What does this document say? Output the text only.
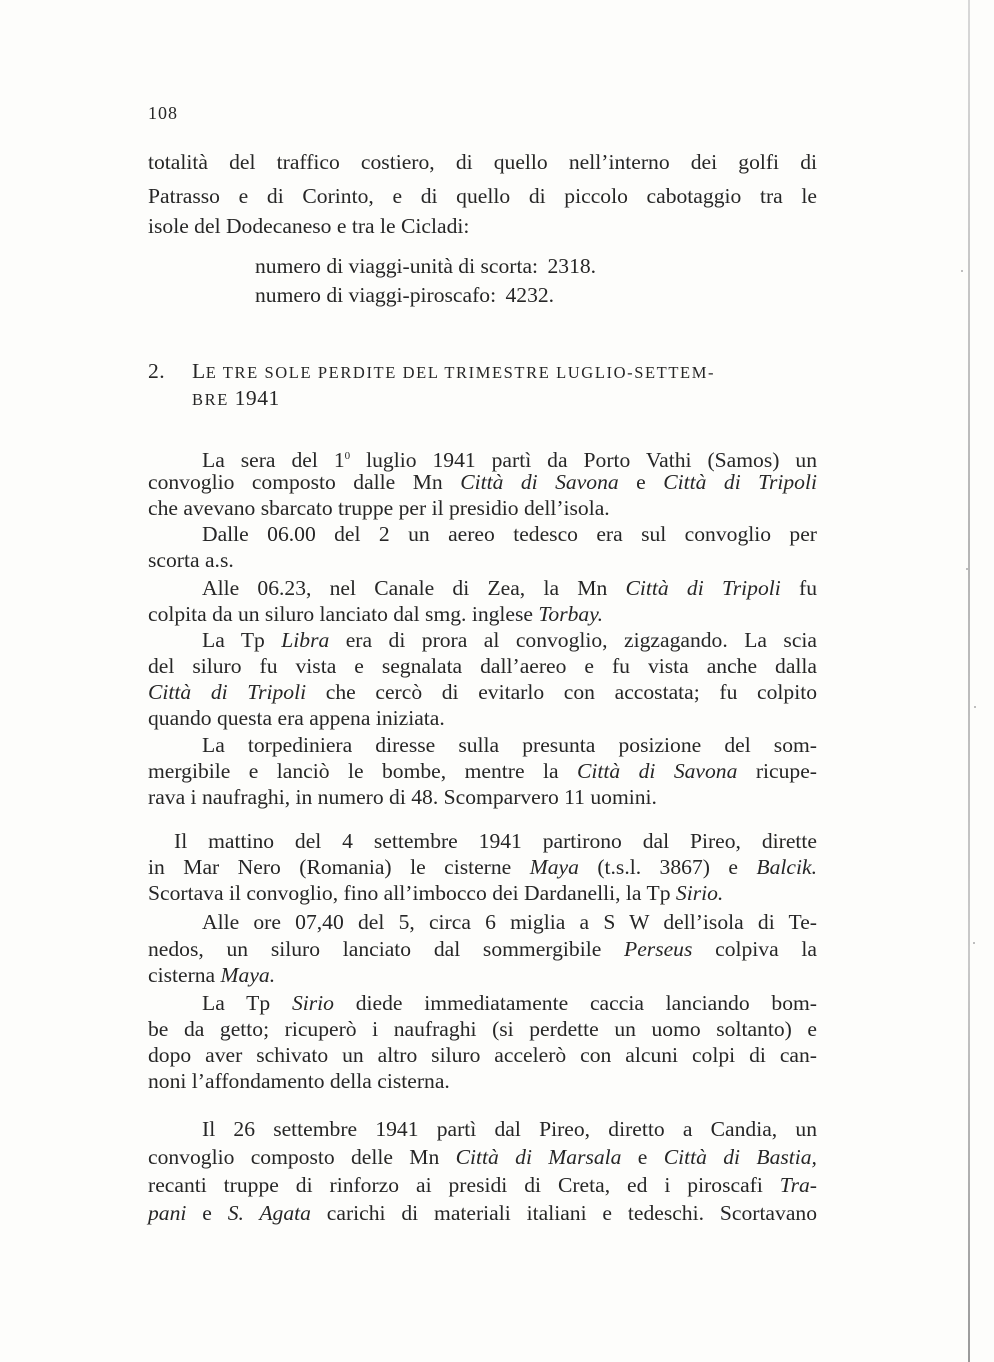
108
totalità del traffico costiero, di quello nell’interno dei golfi di
Patrasso e di Corinto, e di quello di piccolo cabotaggio tra le
isole del Dodecaneso e tra le Cicladi:
numero di viaggi-unità di scorta: 2318.
numero di viaggi-piroscafo: 4232.
2. LE TRE SOLE PERDITE DEL TRIMESTRE LUGLIO-SETTEM-
BRE 1941
La sera del $1^0$ luglio 1941 partì da Porto Vathi (Samos) un
convoglio composto dalle Mn Città di Savona e Città di Tripoli
che avevano sbarcato truppe per il presidio dell’isola.
Dalle 06.00 del 2 un aereo tedesco era sul convoglio per
scorta a.s.
Alle 06.23, nel Canale di Zea, la Mn Città di Tripoli fu
colpita da un siluro lanciato dal smg. inglese Torbay.
La Tp Libra era di prora al convoglio, zigzagando. La scia
del siluro fu vista e segnalata dall’aereo e fu vista anche dalla
Città di Tripoli che cercò di evitarlo con accostata; fu colpito
quando questa era appena iniziata.
La torpediniera diresse sulla presunta posizione del som-
mergibile e lanciò le bombe, mentre la Città di Savona ricupe-
rava i naufraghi, in numero di 48. Scomparvero 11 uomini.
Il mattino del 4 settembre 1941 partirono dal Pireo, dirette
in Mar Nero (Romania) le cisterne Maya (t.s.l. 3867) e Balcik.
Scortava il convoglio, fino all’imbocco dei Dardanelli, la Tp Sirio.
Alle ore 07,40 del 5, circa 6 miglia a S W dell’isola di Te-
nedos, un siluro lanciato dal sommergibile Perseus colpiva la
cisterna Maya.
La Tp Sirio diede immediatamente caccia lanciando bom-
be da getto; ricuperò i naufraghi (si perdette un uomo soltanto) e
dopo aver schivato un altro siluro accelerò con alcuni colpi di can-
noni l’affondamento della cisterna.
Il 26 settembre 1941 partì dal Pireo, diretto a Candia, un
convoglio composto delle Mn Città di Marsala e Città di Bastia,
recanti truppe di rinforzo ai presidi di Creta, ed i piroscafi Tra-
pani e S. Agata carichi di materiali italiani e tedeschi. Scortavano
